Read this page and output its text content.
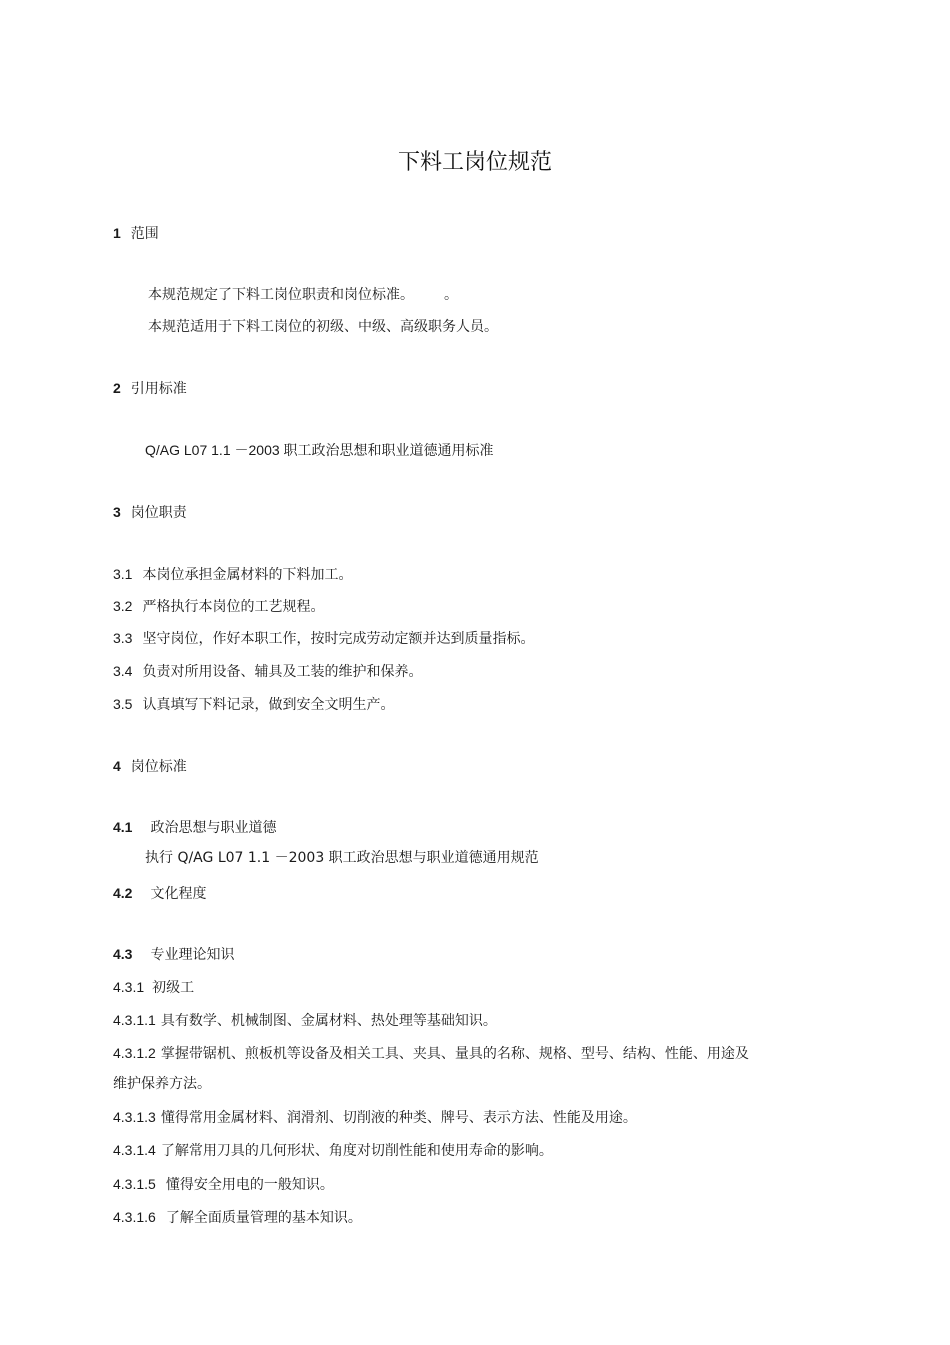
下料工岗位规范
1 范围
本规范规定了下料工岗位职责和岗位标准。 。
本规范适用于下料工岗位的初级、中级、高级职务人员。
2 引用标准
Q/AG L07 1.1 －2003 职工政治思想和职业道德通用标准
3 岗位职责
3.1 本岗位承担金属材料的下料加工。
3.2 严格执行本岗位的工艺规程。
3.3 坚守岗位，作好本职工作，按时完成劳动定额并达到质量指标。
3.4 负责对所用设备、辅具及工装的维护和保养。
3.5 认真填写下料记录，做到安全文明生产。
4 岗位标准
4.1 政治思想与职业道德
执行 Q/AG L07 1.1 －2003 职工政治思想与职业道德通用规范
4.2 文化程度
4.3 专业理论知识
4.3.1 初级工
4.3.1.1 具有数学、机械制图、金属材料、热处理等基础知识。
4.3.1.2 掌握带锯机、煎板机等设备及相关工具、夹具、量具的名称、规格、型号、结构、性能、用途及
维护保养方法。
4.3.1.3 懂得常用金属材料、润滑剂、切削液的种类、牌号、表示方法、性能及用途。
4.3.1.4 了解常用刀具的几何形状、角度对切削性能和使用寿命的影响。
4.3.1.5 懂得安全用电的一般知识。
4.3.1.6 了解全面质量管理的基本知识。
